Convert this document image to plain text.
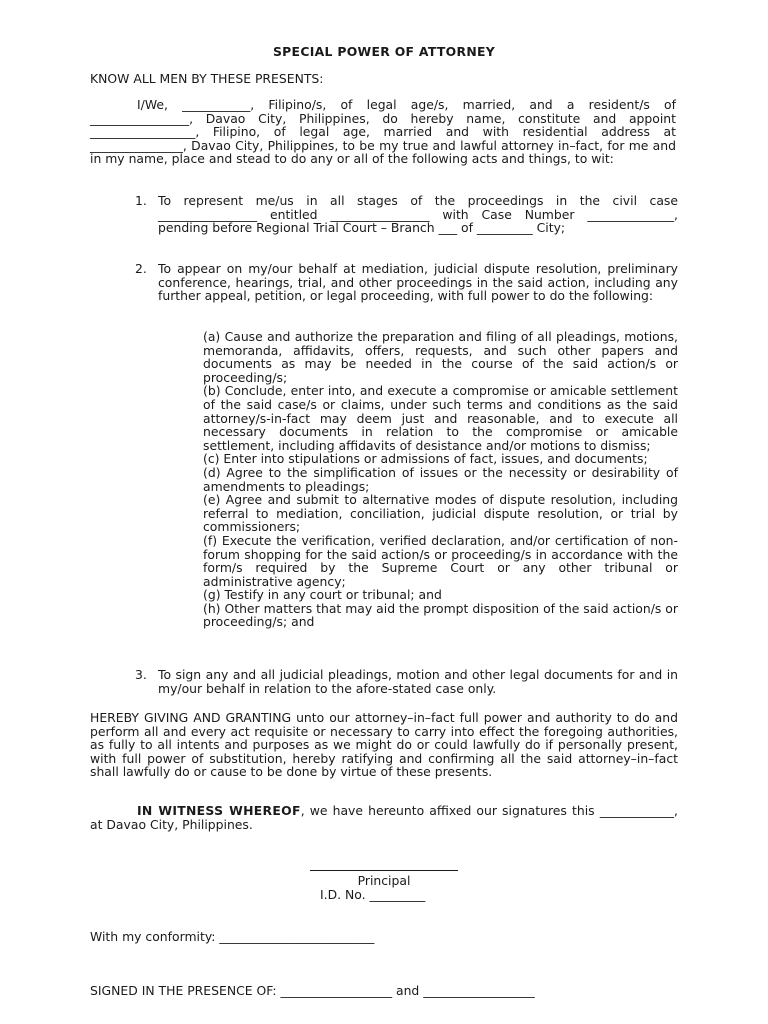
SPECIAL POWER OF ATTORNEY
KNOW ALL MEN BY THESE PRESENTS:
I/We, ___________, Filipino/s, of legal age/s, married, and a resident/s of ________________, Davao City, Philippines, do hereby name, constitute and appoint _________________, Filipino, of legal age, married and with residential address at _______________, Davao City, Philippines, to be my true and lawful attorney in–fact, for me and in my name, place and stead to do any or all of the following acts and things, to wit:
1. To represent me/us in all stages of the proceedings in the civil case ________________ entitled ________________ with Case Number ______________, pending before Regional Trial Court – Branch ___ of _________ City;
2. To appear on my/our behalf at mediation, judicial dispute resolution, preliminary conference, hearings, trial, and other proceedings in the said action, including any further appeal, petition, or legal proceeding, with full power to do the following:
(a) Cause and authorize the preparation and filing of all pleadings, motions, memoranda, affidavits, offers, requests, and such other papers and documents as may be needed in the course of the said action/s or proceeding/s;
(b) Conclude, enter into, and execute a compromise or amicable settlement of the said case/s or claims, under such terms and conditions as the said attorney/s-in-fact may deem just and reasonable, and to execute all necessary documents in relation to the compromise or amicable settlement, including affidavits of desistance and/or motions to dismiss;
(c) Enter into stipulations or admissions of fact, issues, and documents;
(d) Agree to the simplification of issues or the necessity or desirability of amendments to pleadings;
(e) Agree and submit to alternative modes of dispute resolution, including referral to mediation, conciliation, judicial dispute resolution, or trial by commissioners;
(f) Execute the verification, verified declaration, and/or certification of non-forum shopping for the said action/s or proceeding/s in accordance with the form/s required by the Supreme Court or any other tribunal or administrative agency;
(g) Testify in any court or tribunal; and
(h) Other matters that may aid the prompt disposition of the said action/s or proceeding/s; and
3. To sign any and all judicial pleadings, motion and other legal documents for and in my/our behalf in relation to the afore-stated case only.
HEREBY GIVING AND GRANTING unto our attorney–in–fact full power and authority to do and perform all and every act requisite or necessary to carry into effect the foregoing authorities, as fully to all intents and purposes as we might do or could lawfully do if personally present, with full power of substitution, hereby ratifying and confirming all the said attorney–in–fact shall lawfully do or cause to be done by virtue of these presents.
IN WITNESS WHEREOF, we have hereunto affixed our signatures this ____________, at Davao City, Philippines.
Principal
I.D. No. _________
With my conformity: _________________________
SIGNED IN THE PRESENCE OF: __________________ and __________________
